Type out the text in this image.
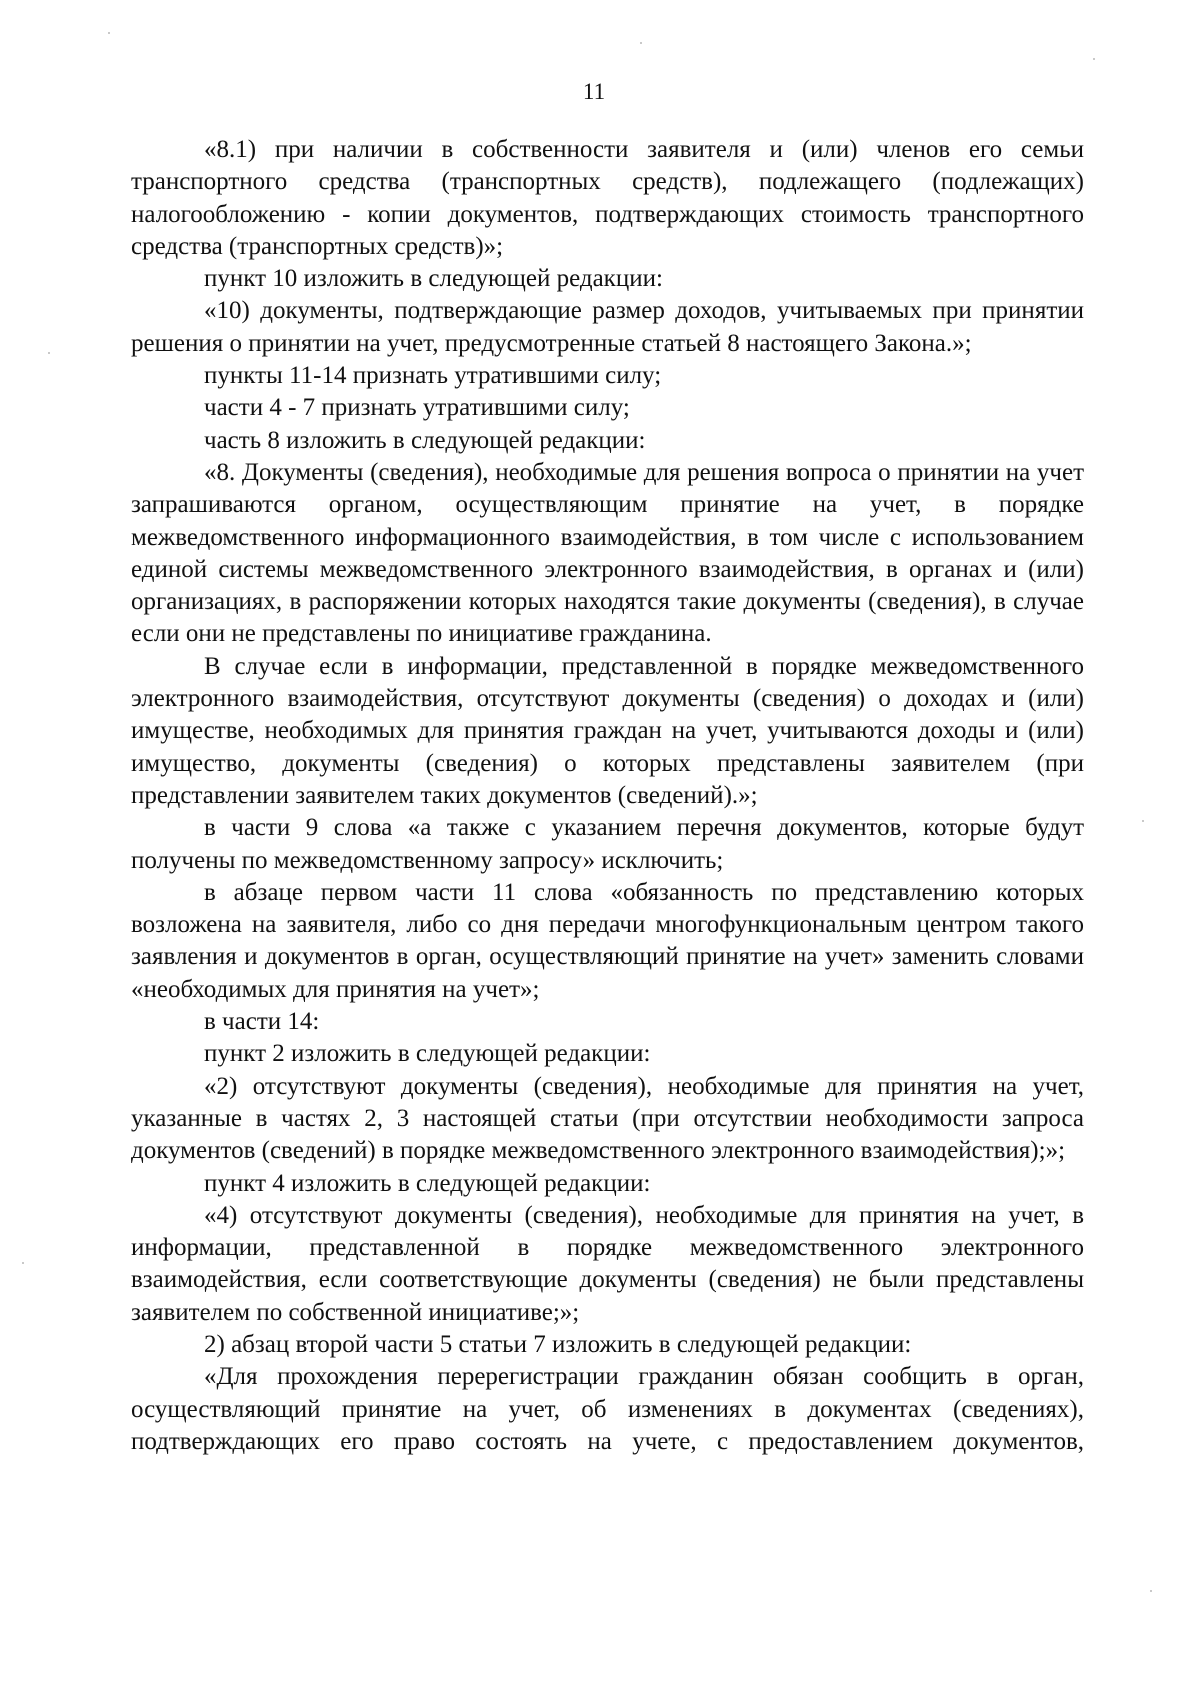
11

«8.1) при наличии в собственности заявителя и (или) членов его семьи транспортного средства (транспортных средств), подлежащего (подлежащих) налогообложению - копии документов, подтверждающих стоимость транспортного средства (транспортных средств)»;

пункт 10 изложить в следующей редакции:

«10) документы, подтверждающие размер доходов, учитываемых при принятии решения о принятии на учет, предусмотренные статьей 8 настоящего Закона.»;

пункты 11-14 признать утратившими силу;

части 4 - 7 признать утратившими силу;

часть 8 изложить в следующей редакции:

«8. Документы (сведения), необходимые для решения вопроса о принятии на учет запрашиваются органом, осуществляющим принятие на учет, в порядке межведомственного информационного взаимодействия, в том числе с использованием единой системы межведомственного электронного взаимодействия, в органах и (или) организациях, в распоряжении которых находятся такие документы (сведения), в случае если они не представлены по инициативе гражданина.

В случае если в информации, представленной в порядке межведомственного электронного взаимодействия, отсутствуют документы (сведения) о доходах и (или) имуществе, необходимых для принятия граждан на учет, учитываются доходы и (или) имущество, документы (сведения) о которых представлены заявителем (при представлении заявителем таких документов (сведений).»;

в части 9 слова «а также с указанием перечня документов, которые будут получены по межведомственному запросу» исключить;

в абзаце первом части 11 слова «обязанность по представлению которых возложена на заявителя, либо со дня передачи многофункциональным центром такого заявления и документов в орган, осуществляющий принятие на учет» заменить словами «необходимых для принятия на учет»;

в части 14:

пункт 2 изложить в следующей редакции:

«2) отсутствуют документы (сведения), необходимые для принятия на учет, указанные в частях 2, 3 настоящей статьи (при отсутствии необходимости запроса документов (сведений) в порядке межведомственного электронного взаимодействия);»;

пункт 4 изложить в следующей редакции:

«4) отсутствуют документы (сведения), необходимые для принятия на учет, в информации, представленной в порядке межведомственного электронного взаимодействия, если соответствующие документы (сведения) не были представлены заявителем по собственной инициативе;»;

2) абзац второй части 5 статьи 7 изложить в следующей редакции:

«Для прохождения перерегистрации гражданин обязан сообщить в орган, осуществляющий принятие на учет, об изменениях в документах (сведениях), подтверждающих его право состоять на учете, с предоставлением документов,
